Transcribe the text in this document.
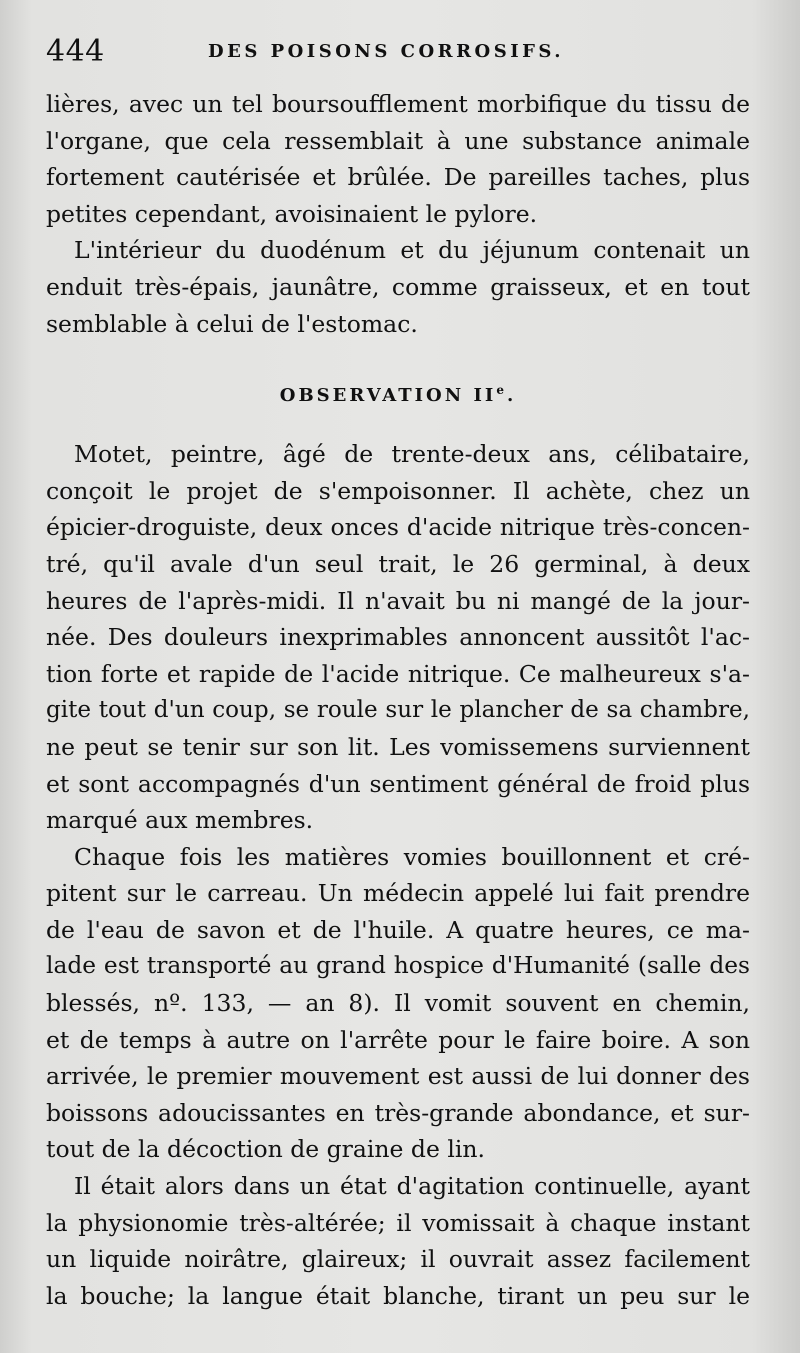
444	DES POISONS CORROSIFS.
lières, avec un tel boursoufflement morbifique du tissu de
l'organe, que cela ressemblait à une substance animale
fortement cautérisée et brûlée. De pareilles taches, plus
petites cependant, avoisinaient le pylore.
L'intérieur du duodénum et du jéjunum contenait un
enduit très-épais, jaunâtre, comme graisseux, et en tout
semblable à celui de l'estomac.
OBSERVATION IIe.
Motet, peintre, âgé de trente-deux ans, célibataire,
conçoit le projet de s'empoisonner. Il achète, chez un
épicier-droguiste, deux onces d'acide nitrique très-concen-
tré, qu'il avale d'un seul trait, le 26 germinal, à deux
heures de l'après-midi. Il n'avait bu ni mangé de la jour-
née. Des douleurs inexprimables annoncent aussitôt l'ac-
tion forte et rapide de l'acide nitrique. Ce malheureux s'a-
gite tout d'un coup, se roule sur le plancher de sa chambre,
ne peut se tenir sur son lit. Les vomissemens surviennent
et sont accompagnés d'un sentiment général de froid plus
marqué aux membres.
Chaque fois les matières vomies bouillonnent et cré-
pitent sur le carreau. Un médecin appelé lui fait prendre
de l'eau de savon et de l'huile. A quatre heures, ce ma-
lade est transporté au grand hospice d'Humanité (salle des
blessés, nº. 133, — an 8). Il vomit souvent en chemin,
et de temps à autre on l'arrête pour le faire boire. A son
arrivée, le premier mouvement est aussi de lui donner des
boissons adoucissantes en très-grande abondance, et sur-
tout de la décoction de graine de lin.
Il était alors dans un état d'agitation continuelle, ayant
la physionomie très-altérée; il vomissait à chaque instant
un liquide noirâtre, glaireux; il ouvrait assez facilement
la bouche; la langue était blanche, tirant un peu sur le
